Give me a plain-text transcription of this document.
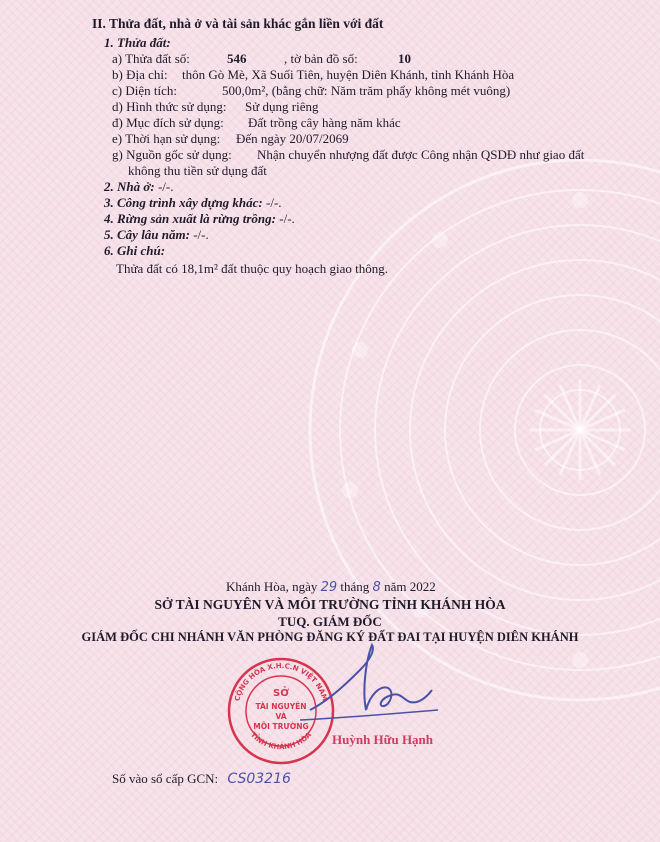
II. Thửa đất, nhà ở và tài sản khác gắn liền với đất
1. Thửa đất:
a) Thửa đất số:	546	, tờ bản đồ số:	10
b) Địa chỉ: thôn Gò Mè, Xã Suối Tiên, huyện Diên Khánh, tỉnh Khánh Hòa
c) Diện tích:	500,0m², (bằng chữ: Năm trăm phẩy không mét vuông)
d) Hình thức sử dụng: Sử dụng riêng
đ) Mục đích sử dụng: Đất trồng cây hàng năm khác
e) Thời hạn sử dụng: Đến ngày 20/07/2069
g) Nguồn gốc sử dụng: Nhận chuyển nhượng đất được Công nhận QSDĐ như giao đất
không thu tiền sử dụng đất
2. Nhà ở: -/-.
3. Công trình xây dựng khác: -/-.
4. Rừng sản xuất là rừng trồng: -/-.
5. Cây lâu năm: -/-.
6. Ghi chú:
Thửa đất có 18,1m² đất thuộc quy hoạch giao thông.
Khánh Hòa, ngày 29 tháng 8 năm 2022
SỞ TÀI NGUYÊN VÀ MÔI TRƯỜNG TỈNH KHÁNH HÒA
TUQ. GIÁM ĐỐC
GIÁM ĐỐC CHI NHÁNH VĂN PHÒNG ĐĂNG KÝ ĐẤT ĐAI TẠI HUYỆN DIÊN KHÁNH
CỘNG HÒA X.H.C.N VIỆT NAM
TỈNH KHÁNH HÒA
SỞ
TÀI NGUYÊN
VÀ
MÔI TRƯỜNG
Huỳnh Hữu Hạnh
Số vào sổ cấp GCN: CS03216
